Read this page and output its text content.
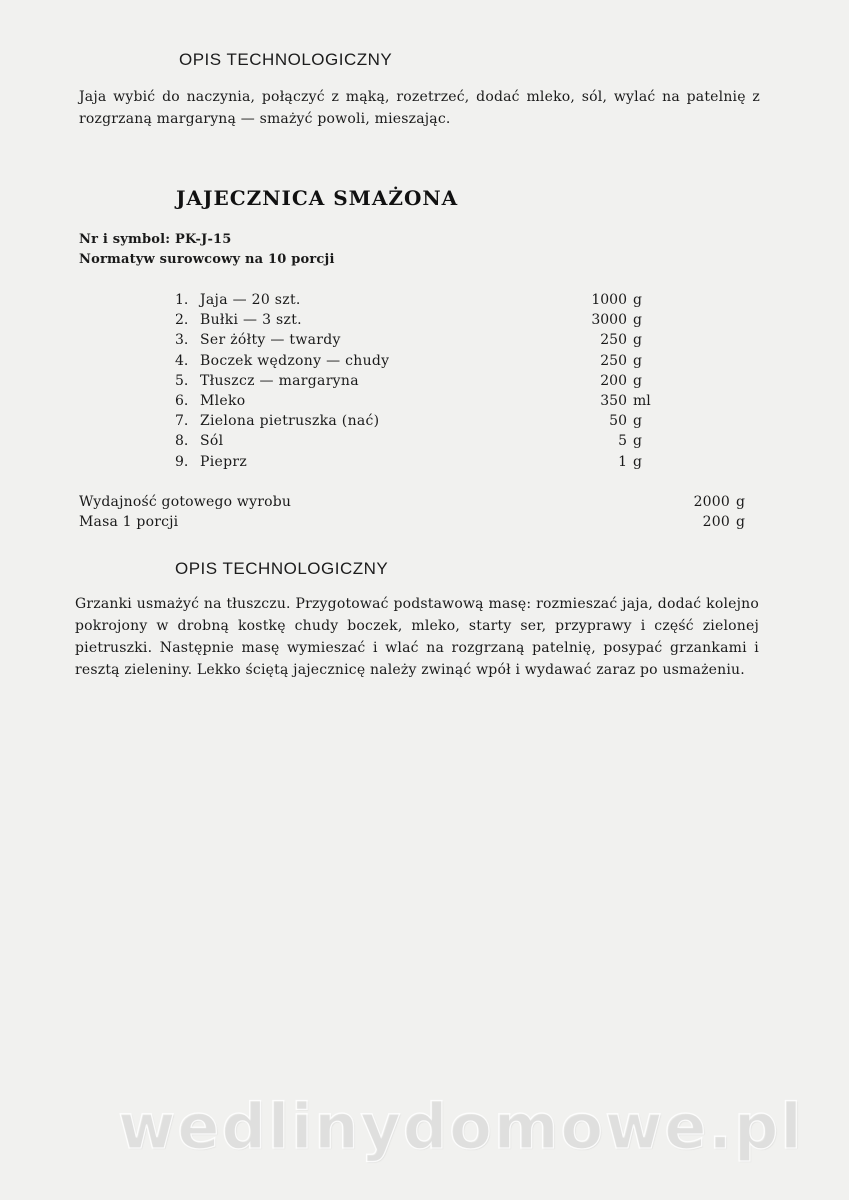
OPIS TECHNOLOGICZNY

Jaja wybić do naczynia, połączyć z mąką, rozetrzeć, dodać mleko, sól, wylać na patelnię z rozgrzaną margaryną — smażyć powoli, mieszając.

JAJECZNICA SMAŻONA

Nr i symbol: PK-J-15

Normatyw surowcowy na 10 porcji

1. Jaja — 20 szt.	1000 g
2. Bułki — 3 szt.	3000 g
3. Ser żółty — twardy	250 g
4. Boczek wędzony — chudy	250 g
5. Tłuszcz — margaryna	200 g
6. Mleko	350 ml
7. Zielona pietruszka (nać)	50 g
8. Sól	5 g
9. Pieprz	1 g
Wydajność gotowego wyrobu	2000 g
Masa 1 porcji	200 g
OPIS TECHNOLOGICZNY

Grzanki usmażyć na tłuszczu. Przygotować podstawową masę: rozmieszać jaja, dodać kolejno pokrojony w drobną kostkę chudy boczek, mleko, starty ser, przyprawy i część zielonej pietruszki. Następnie masę wymieszać i wlać na rozgrzaną patelnię, posypać grzankami i resztą zieleniny. Lekko ściętą jajecznicę należy zwinąć wpół i wydawać zaraz po usmażeniu.

wedlinydomowe.pl
